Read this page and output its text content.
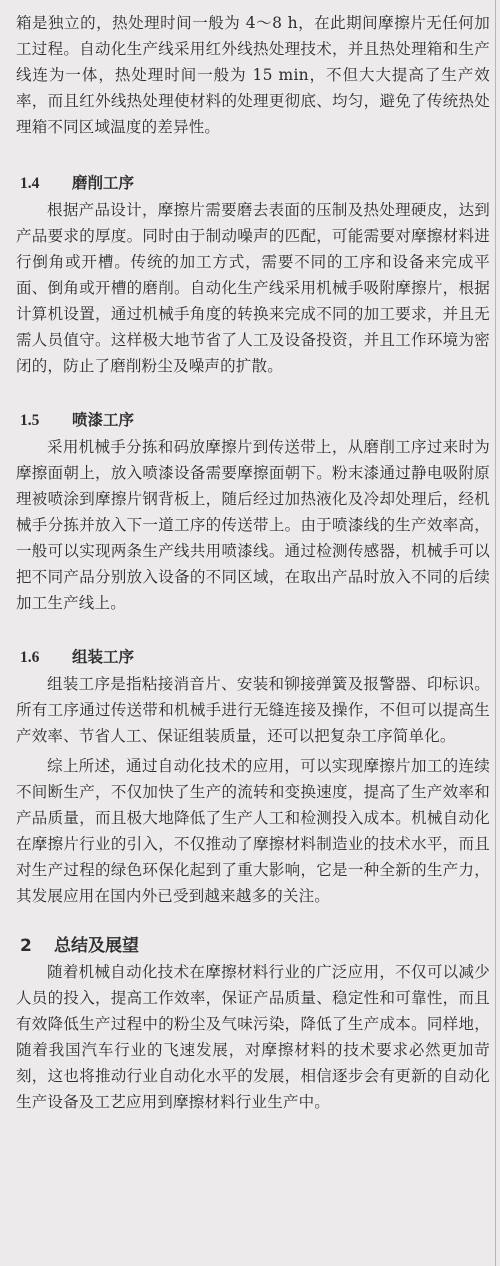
箱是独立的，热处理时间一般为 4～8 h，在此期间摩擦片无任何加工过程。自动化生产线采用红外线热处理技术，并且热处理箱和生产线连为一体，热处理时间一般为 15 min，不但大大提高了生产效率，而且红外线热处理使材料的处理更彻底、均匀，避免了传统热处理箱不同区域温度的差异性。

1.4 磨削工序

根据产品设计，摩擦片需要磨去表面的压制及热处理硬皮，达到产品要求的厚度。同时由于制动噪声的匹配，可能需要对摩擦材料进行倒角或开槽。传统的加工方式，需要不同的工序和设备来完成平面、倒角或开槽的磨削。自动化生产线采用机械手吸附摩擦片，根据计算机设置，通过机械手角度的转换来完成不同的加工要求，并且无需人员值守。这样极大地节省了人工及设备投资，并且工作环境为密闭的，防止了磨削粉尘及噪声的扩散。

1.5 喷漆工序

采用机械手分拣和码放摩擦片到传送带上，从磨削工序过来时为摩擦面朝上，放入喷漆设备需要摩擦面朝下。粉末漆通过静电吸附原理被喷涂到摩擦片钢背板上，随后经过加热液化及冷却处理后，经机械手分拣并放入下一道工序的传送带上。由于喷漆线的生产效率高，一般可以实现两条生产线共用喷漆线。通过检测传感器，机械手可以把不同产品分别放入设备的不同区域，在取出产品时放入不同的后续加工生产线上。

1.6 组装工序

组装工序是指粘接消音片、安装和铆接弹簧及报警器、印标识。所有工序通过传送带和机械手进行无缝连接及操作，不但可以提高生产效率、节省人工、保证组装质量，还可以把复杂工序简单化。

综上所述，通过自动化技术的应用，可以实现摩擦片加工的连续不间断生产，不仅加快了生产的流转和变换速度，提高了生产效率和产品质量，而且极大地降低了生产人工和检测投入成本。机械自动化在摩擦片行业的引入，不仅推动了摩擦材料制造业的技术水平，而且对生产过程的绿色环保化起到了重大影响，它是一种全新的生产力，其发展应用在国内外已受到越来越多的关注。

2 总结及展望

随着机械自动化技术在摩擦材料行业的广泛应用，不仅可以减少人员的投入，提高工作效率，保证产品质量、稳定性和可靠性，而且有效降低生产过程中的粉尘及气味污染，降低了生产成本。同样地，随着我国汽车行业的飞速发展，对摩擦材料的技术要求必然更加苛刻，这也将推动行业自动化水平的发展，相信逐步会有更新的自动化生产设备及工艺应用到摩擦材料行业生产中。
